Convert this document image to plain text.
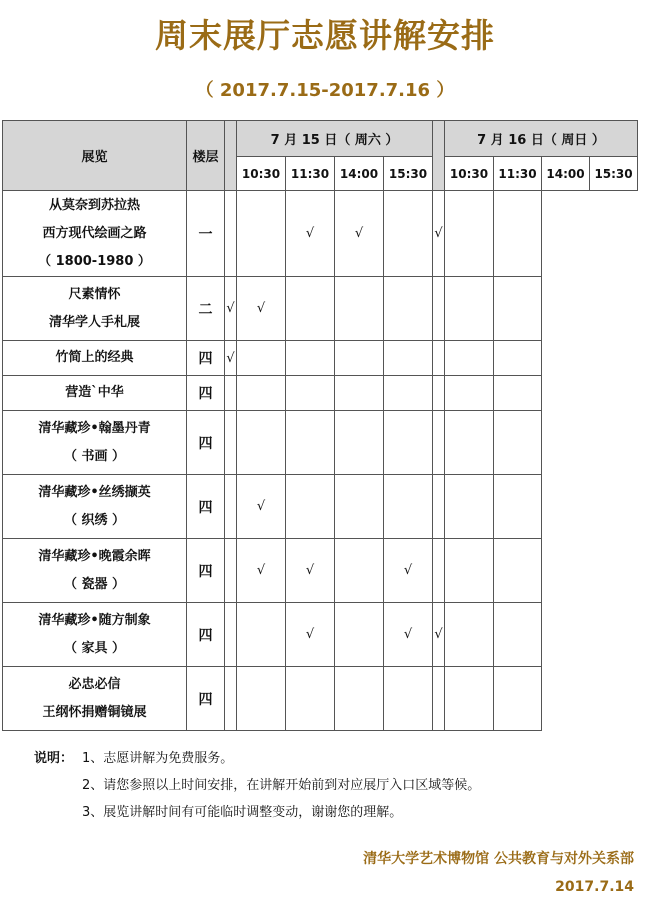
周末展厅志愿讲解安排
（ 2017.7.15-2017.7.16 ）
展览	楼层		7 月 15 日（ 周六 ）					7 月 16 日（ 周日 ）			
			10:30	11:30	14:00	15:30		10:30	11:30	14:00	15:30

从莫奈到苏拉热
西方现代绘画之路
（ 1800-1980 ）	一			√	√		√				

尺素情怀
清华学人手札展	二	√	√								

竹简上的经典	四	√									

营造`中华	四										

清华藏珍•翰墨丹青
（ 书画 ）	四										

清华藏珍•丝绣撷英
（ 织绣 ）	四		√								

清华藏珍•晚霞余晖
（ 瓷器 ）	四		√	√		√					

清华藏珍•随方制象
（ 家具 ）	四			√		√	√				

必忠必信
王纲怀捐赠铜镜展	四										
说明： 1、志愿讲解为免费服务。
2、请您参照以上时间安排，在讲解开始前到对应展厅入口区域等候。
3、展览讲解时间有可能临时调整变动，谢谢您的理解。
清华大学艺术博物馆 公共教育与对外关系部
2017.7.14
